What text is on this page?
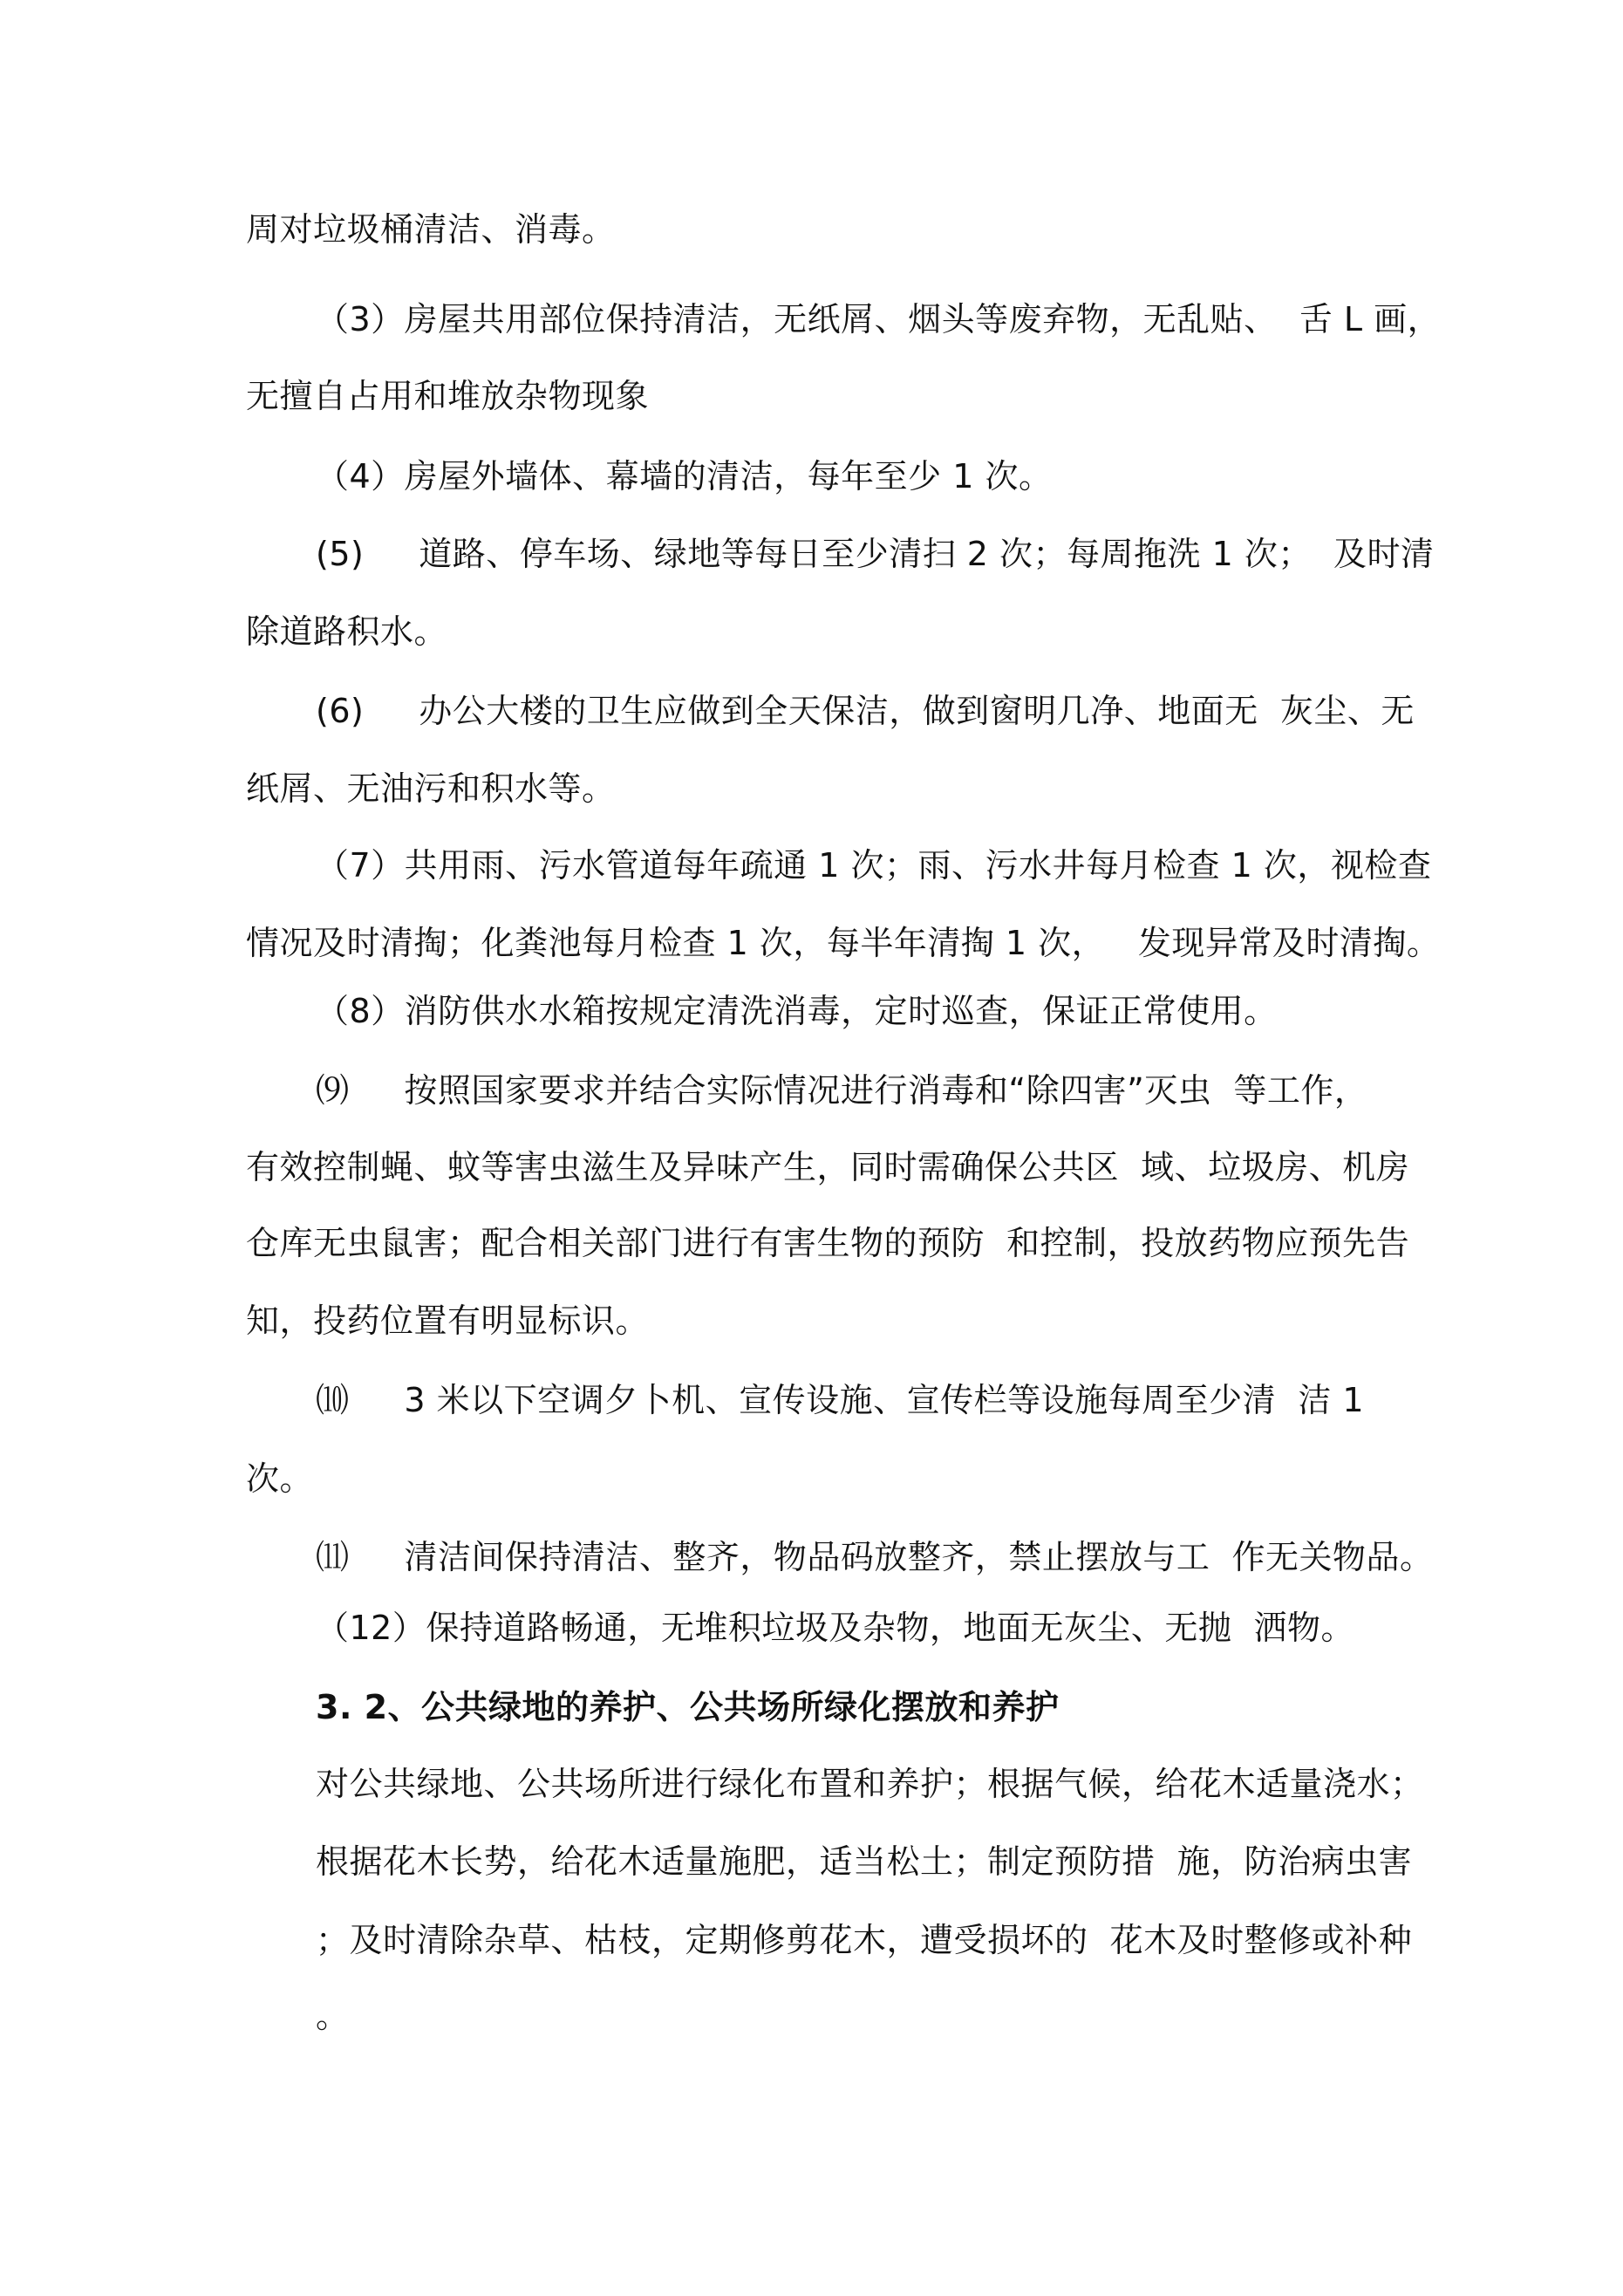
周对垃圾桶清洁、消毒。
（3）房屋共用部位保持清洁，无纸屑、烟头等废弃物，无乱贴、  舌 L 画，
无擅自占用和堆放杂物现象
（4）房屋外墙体、幕墙的清洁，每年至少 1 次。
(5)     道路、停车场、绿地等每日至少清扫 2 次；每周拖洗 1 次；  及时清
除道路积水。
(6)     办公大楼的卫生应做到全天保洁，做到窗明几净、地面无  灰尘、无
纸屑、无油污和积水等。
（7）共用雨、污水管道每年疏通 1 次；雨、污水井每月检查 1 次，视检查
情况及时清掏；化粪池每月检查 1 次，每半年清掏 1 次，   发现异常及时清掏。
（8）消防供水水箱按规定清洗消毒，定时巡查，保证正常使用。
⑼     按照国家要求并结合实际情况进行消毒和“除四害”灭虫  等工作，
有效控制蝇、蚊等害虫滋生及异味产生，同时需确保公共区  域、垃圾房、机房
仓库无虫鼠害；配合相关部门进行有害生物的预防  和控制，投放药物应预先告
知，投药位置有明显标识。
⑽     3 米以下空调夕卜机、宣传设施、宣传栏等设施每周至少清  洁 1
次。
⑾     清洁间保持清洁、整齐，物品码放整齐，禁止摆放与工  作无关物品。
（12）保持道路畅通，无堆积垃圾及杂物，地面无灰尘、无抛  洒物。
3. 2、公共绿地的养护、公共场所绿化摆放和养护
对公共绿地、公共场所进行绿化布置和养护；根据气候，给花木适量浇水；
根据花木长势，给花木适量施肥，适当松土；制定预防措  施，防治病虫害
；及时清除杂草、枯枝，定期修剪花木，遭受损坏的  花木及时整修或补种
。
